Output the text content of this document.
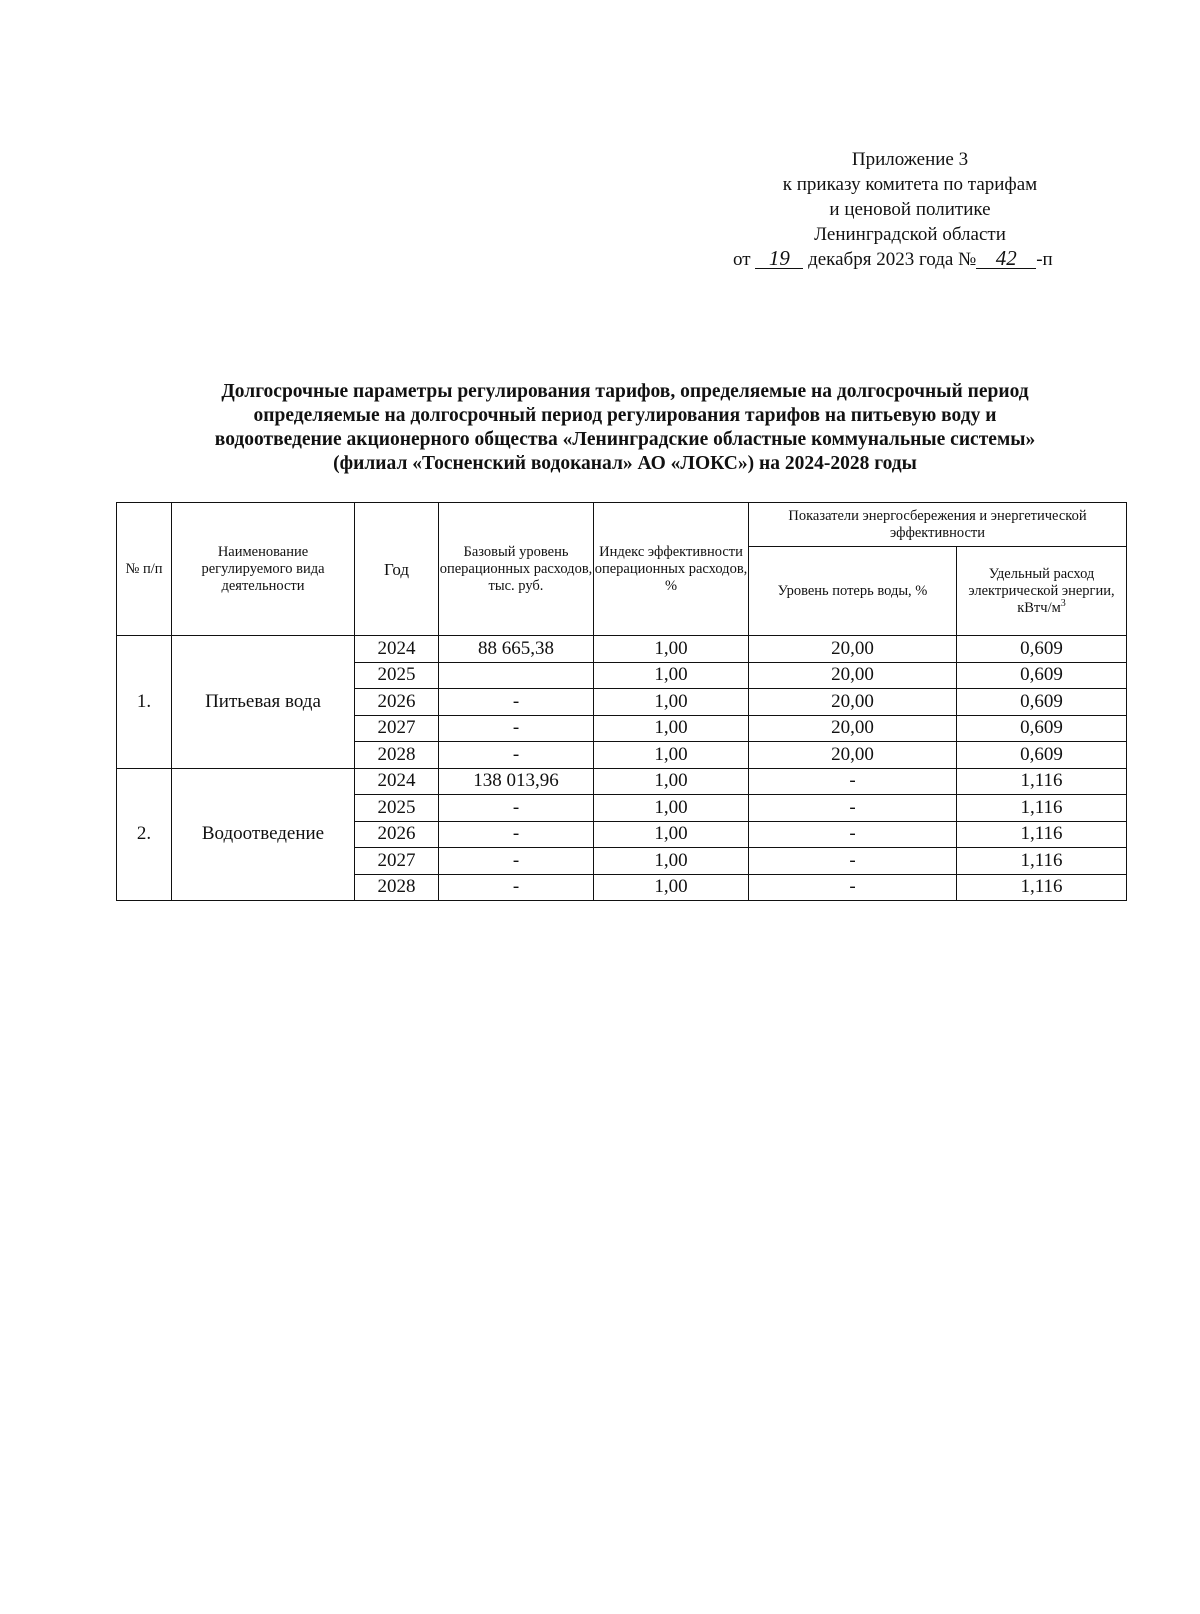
Приложение 3
к приказу комитета по тарифам
и ценовой политике
Ленинградской области
от 19 декабря 2023 года № 42 -п
Долгосрочные параметры регулирования тарифов, определяемые на долгосрочный период
определяемые на долгосрочный период регулирования тарифов на питьевую воду и
водоотведение акционерного общества «Ленинградские областные коммунальные системы»
(филиал «Тосненский водоканал» АО «ЛОКС») на 2024-2028 годы
№ п/п	Наименование регулируемого вида деятельности	Год	Базовый уровень операционных расходов, тыс. руб.	Индекс эффективности операционных расходов, %	Показатели энергосбережения и энергетической эффективности	
					Уровень потерь воды, %	Удельный расход электрической энергии, кВтч/$м^3$
1.	Питьевая вода	2024	88 665,38	1,00	20,00	0,609
		2025		1,00	20,00	0,609
		2026	-	1,00	20,00	0,609
		2027	-	1,00	20,00	0,609
		2028	-	1,00	20,00	0,609
2.	Водоотведение	2024	138 013,96	1,00	-	1,116
		2025	-	1,00	-	1,116
		2026	-	1,00	-	1,116
		2027	-	1,00	-	1,116
		2028	-	1,00	-	1,116
